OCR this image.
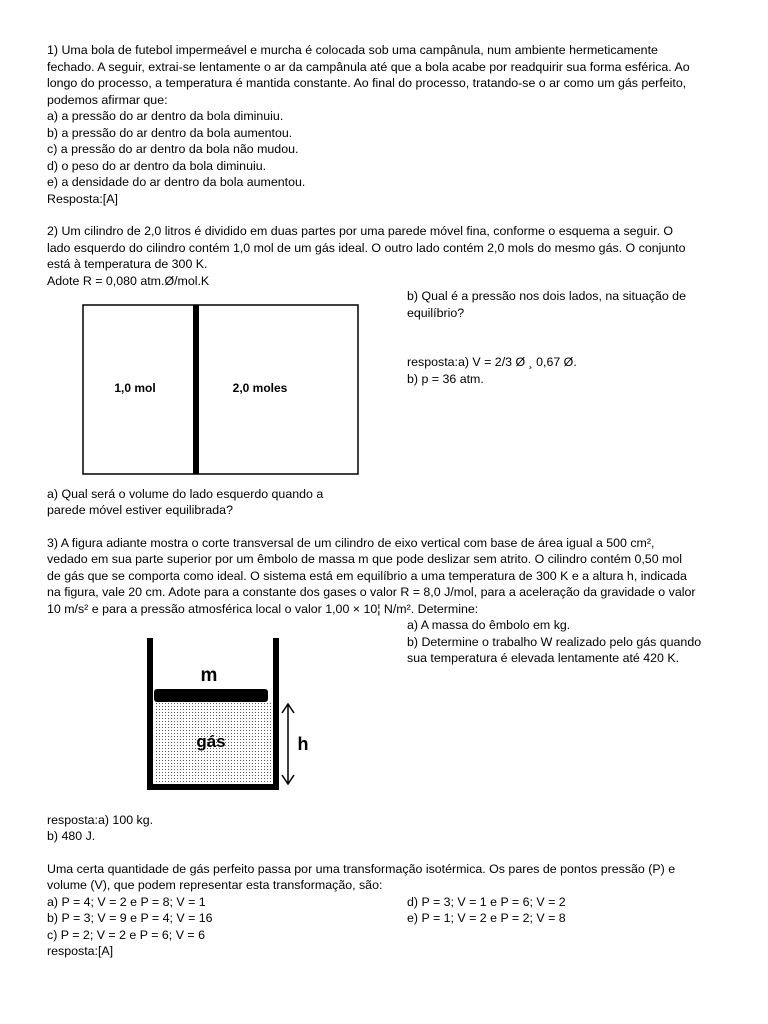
1) Uma bola de futebol impermeável e murcha é colocada sob uma campânula, num ambiente hermeticamente
fechado. A seguir, extrai-se lentamente o ar da campânula até que a bola acabe por readquirir sua forma esférica. Ao
longo do processo, a temperatura é mantida constante. Ao final do processo, tratando-se o ar como um gás perfeito,
podemos afirmar que:
a) a pressão do ar dentro da bola diminuiu.
b) a pressão do ar dentro da bola aumentou.
c) a pressão do ar dentro da bola não mudou.
d) o peso do ar dentro da bola diminuiu.
e) a densidade do ar dentro da bola aumentou.
Resposta:[A]
2) Um cilindro de 2,0 litros é dividido em duas partes por uma parede móvel fina, conforme o esquema a seguir. O
lado esquerdo do cilindro contém 1,0 mol de um gás ideal. O outro lado contém 2,0 mols do mesmo gás. O conjunto
está à temperatura de 300 K.
Adote R = 0,080 atm.Ø/mol.K
1,0 mol	2,0 moles
b) Qual é a pressão nos dois lados, na situação de
equilíbrio?
resposta:a) V = 2/3 Ø ¸ 0,67 Ø.
b) p = 36 atm.
a) Qual será o volume do lado esquerdo quando a
parede móvel estiver equilibrada?
3) A figura adiante mostra o corte transversal de um cilindro de eixo vertical com base de área igual a 500 cm²,
vedado em sua parte superior por um êmbolo de massa m que pode deslizar sem atrito. O cilindro contém 0,50 mol
de gás que se comporta como ideal. O sistema está em equilíbrio a uma temperatura de 300 K e a altura h, indicada
na figura, vale 20 cm. Adote para a constante dos gases o valor R = 8,0 J/mol, para a aceleração da gravidade o valor
10 m/s² e para a pressão atmosférica local o valor 1,00 × 10¦ N/m². Determine:
a) A massa do êmbolo em kg.
b) Determine o trabalho W realizado pelo gás quando
sua temperatura é elevada lentamente até 420 K.
m
gás	h
resposta:a) 100 kg.
b) 480 J.
Uma certa quantidade de gás perfeito passa por uma transformação isotérmica. Os pares de pontos pressão (P) e
volume (V), que podem representar esta transformação, são:
a) P = 4; V = 2 e P = 8; V = 1
b) P = 3; V = 9 e P = 4; V = 16
c) P = 2; V = 2 e P = 6; V = 6
d) P = 3; V = 1 e P = 6; V = 2
e) P = 1; V = 2 e P = 2; V = 8
resposta:[A]
